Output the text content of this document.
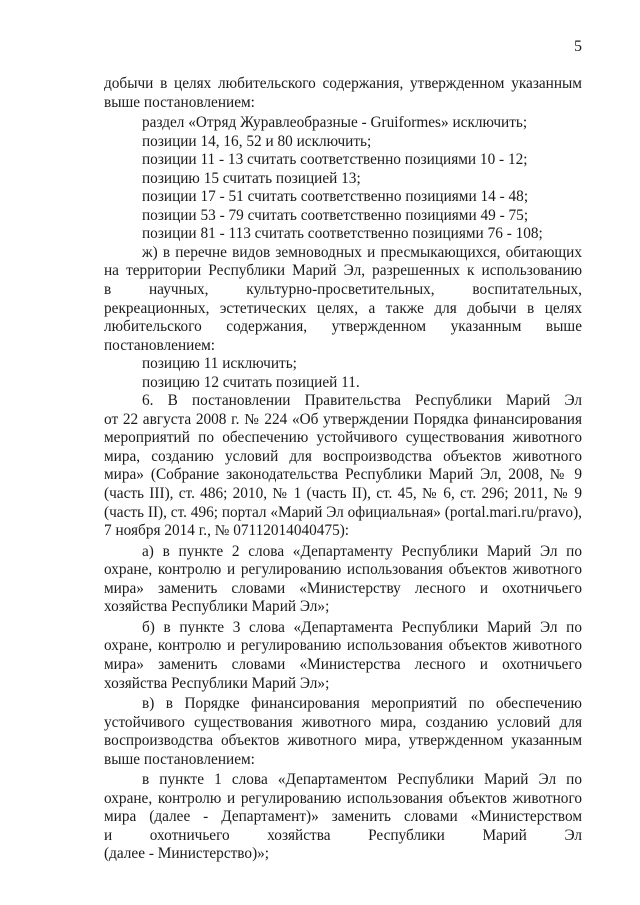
5
добычи в целях любительского содержания, утвержденном указанным
выше постановлением:
раздел «Отряд Журавлеобразные - Gruiformes» исключить;
позиции 14, 16, 52 и 80 исключить;
позиции 11 - 13 считать соответственно позициями 10 - 12;
позицию 15 считать позицией 13;
позиции 17 - 51 считать соответственно позициями 14 - 48;
позиции 53 - 79 считать соответственно позициями 49 - 75;
позиции 81 - 113 считать соответственно позициями 76 - 108;
ж) в перечне видов земноводных и пресмыкающихся, обитающих
на территории Республики Марий Эл, разрешенных к использованию
в научных, культурно-просветительных, воспитательных,
рекреационных, эстетических целях, а также для добычи в целях
любительского содержания, утвержденном указанным выше
постановлением:
позицию 11 исключить;
позицию 12 считать позицией 11.
6. В постановлении Правительства Республики Марий Эл
от 22 августа 2008 г. № 224 «Об утверждении Порядка финансирования
мероприятий по обеспечению устойчивого существования животного
мира, созданию условий для воспроизводства объектов животного
мира» (Собрание законодательства Республики Марий Эл, 2008, № 9
(часть III), ст. 486; 2010, № 1 (часть II), ст. 45, № 6, ст. 296; 2011, № 9
(часть II), ст. 496; портал «Марий Эл официальная» (portal.mari.ru/pravo),
7 ноября 2014 г., № 07112014040475):
а) в пункте 2 слова «Департаменту Республики Марий Эл по
охране, контролю и регулированию использования объектов животного
мира» заменить словами «Министерству лесного и охотничьего
хозяйства Республики Марий Эл»;
б) в пункте 3 слова «Департамента Республики Марий Эл по
охране, контролю и регулированию использования объектов животного
мира» заменить словами «Министерства лесного и охотничьего
хозяйства Республики Марий Эл»;
в) в Порядке финансирования мероприятий по обеспечению
устойчивого существования животного мира, созданию условий для
воспроизводства объектов животного мира, утвержденном указанным
выше постановлением:
в пункте 1 слова «Департаментом Республики Марий Эл по
охране, контролю и регулированию использования объектов животного
мира (далее - Департамент)» заменить словами «Министерством
и охотничьего хозяйства Республики Марий Эл
(далее - Министерство)»;
